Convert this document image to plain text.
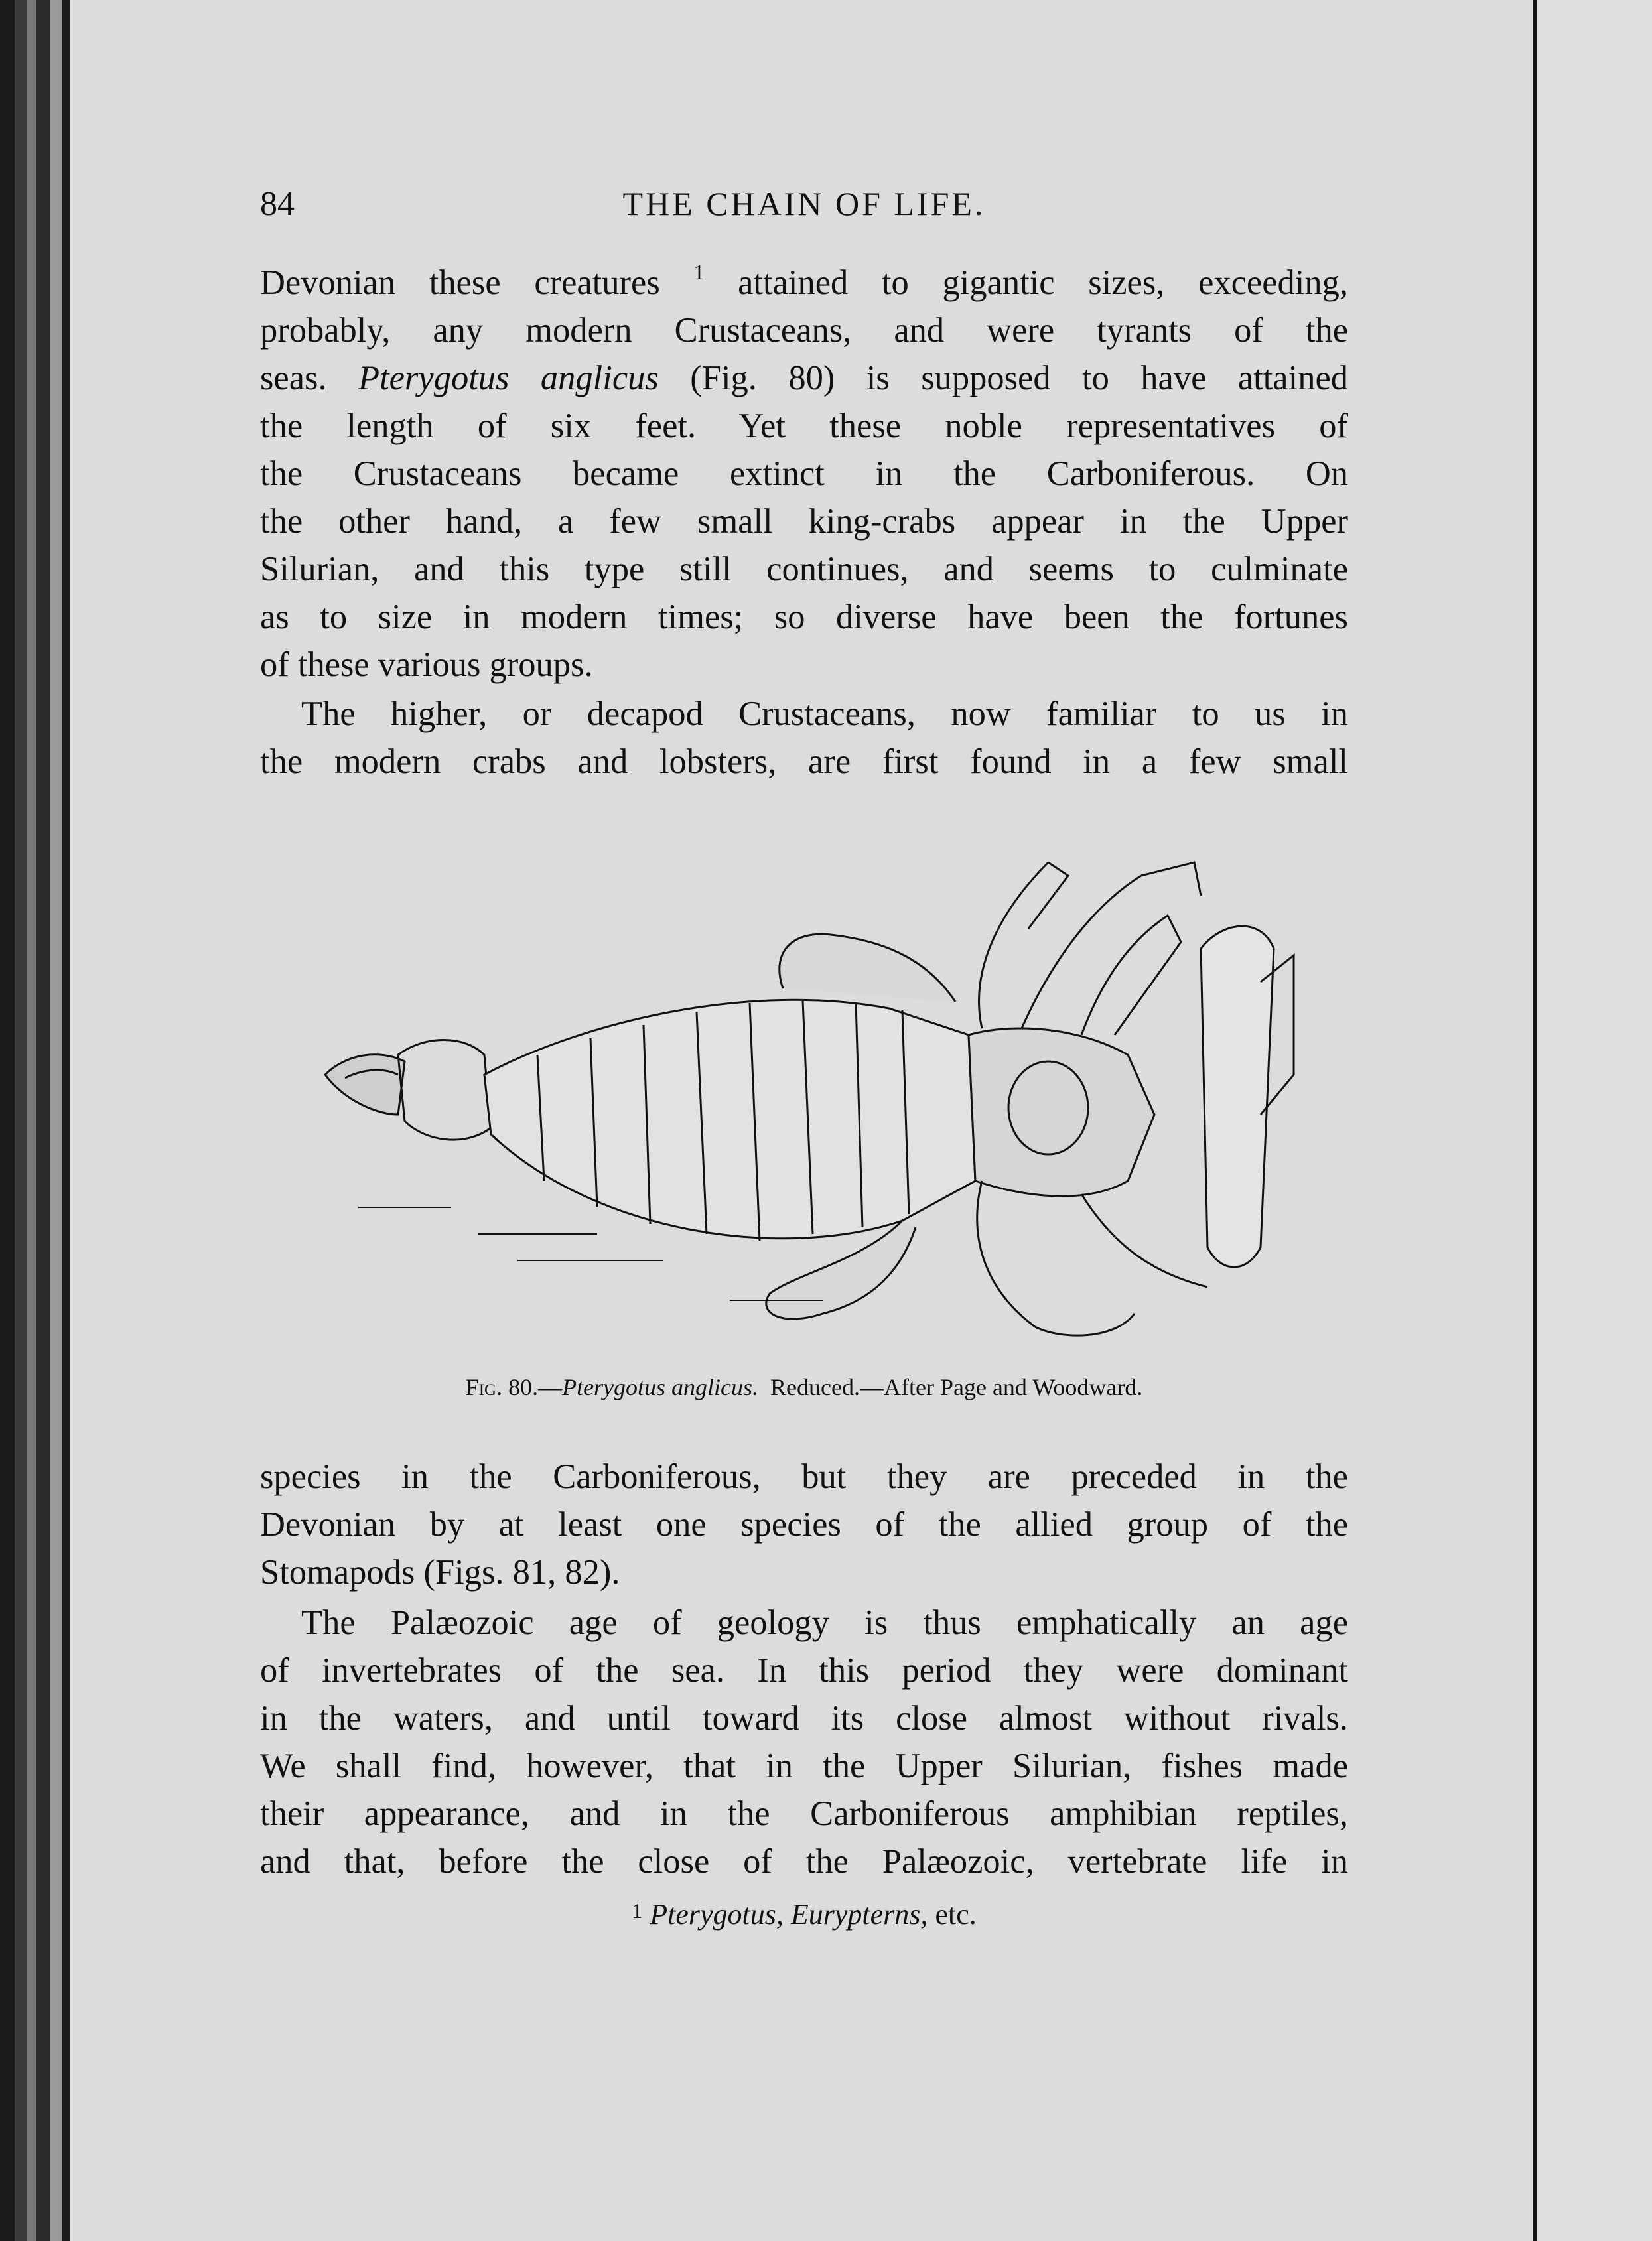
84	THE CHAIN OF LIFE.
Devonian these creatures $^1$ attained to gigantic sizes, exceeding,
probably, any modern Crustaceans, and were tyrants of the
seas. Pterygotus anglicus (Fig. 80) is supposed to have attained
the length of six feet. Yet these noble representatives of
the Crustaceans became extinct in the Carboniferous. On
the other hand, a few small king-crabs appear in the Upper
Silurian, and this type still continues, and seems to culminate
as to size in modern times; so diverse have been the fortunes
of these various groups.
The higher, or decapod Crustaceans, now familiar to us in
the modern crabs and lobsters, are first found in a few small
Fig. 80.—Pterygotus anglicus. Reduced.—After Page and Woodward.
species in the Carboniferous, but they are preceded in the
Devonian by at least one species of the allied group of the
Stomapods (Figs. 81, 82).
The Palæozoic age of geology is thus emphatically an age
of invertebrates of the sea. In this period they were dominant
in the waters, and until toward its close almost without rivals.
We shall find, however, that in the Upper Silurian, fishes made
their appearance, and in the Carboniferous amphibian reptiles,
and that, before the close of the Palæozoic, vertebrate life in
$^1$ Pterygotus, Eurypterns, etc.
